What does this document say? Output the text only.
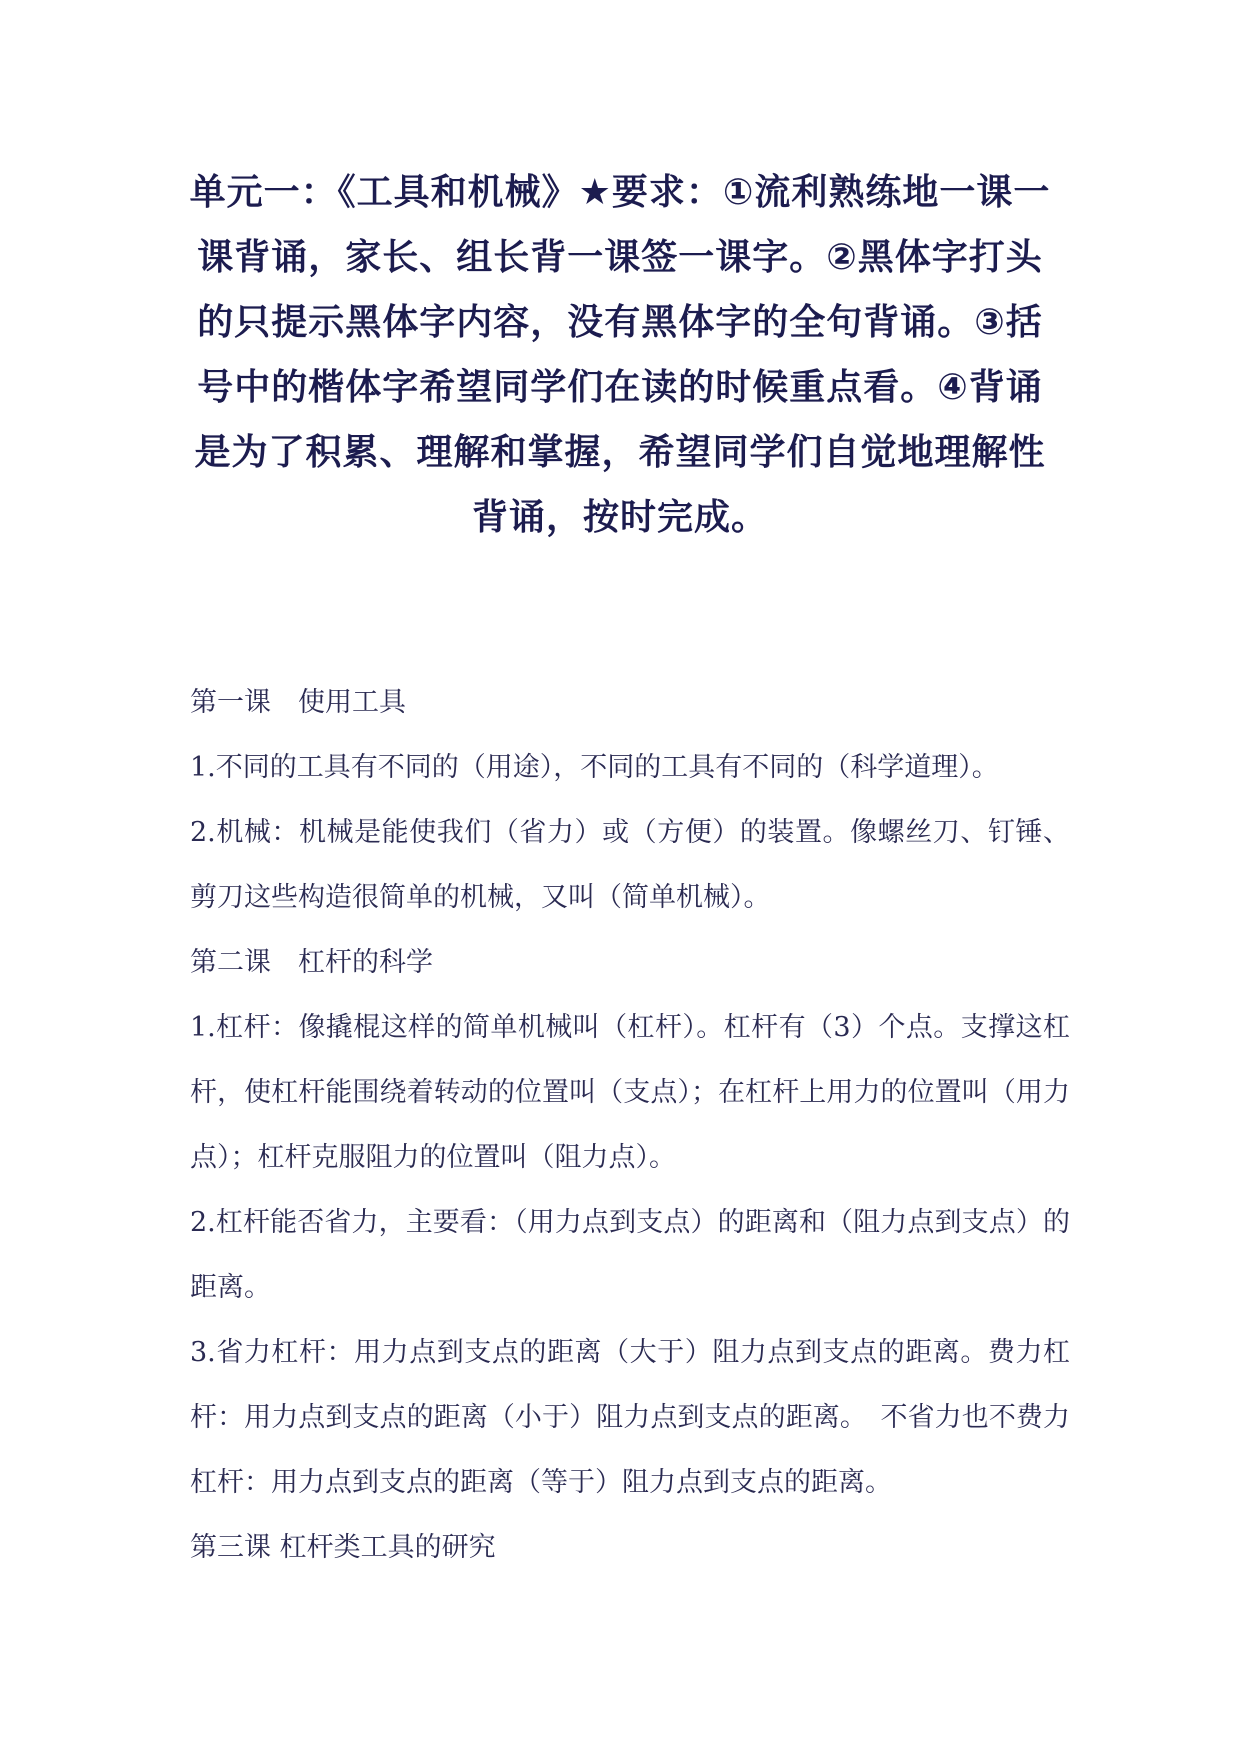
单元一：《工具和机械》★要求：①流利熟练地一课一课背诵，家长、组长背一课签一课字。②黑体字打头的只提示黑体字内容，没有黑体字的全句背诵。③括号中的楷体字希望同学们在读的时候重点看。④背诵是为了积累、理解和掌握，希望同学们自觉地理解性背诵，按时完成。

第一课　使用工具

1.不同的工具有不同的（用途），不同的工具有不同的（科学道理）。

2.机械：机械是能使我们（省力）或（方便）的装置。像螺丝刀、钉锤、剪刀这些构造很简单的机械，又叫（简单机械）。

第二课　杠杆的科学

1.杠杆：像撬棍这样的简单机械叫（杠杆）。杠杆有（3）个点。支撑这杠杆，使杠杆能围绕着转动的位置叫（支点）；在杠杆上用力的位置叫（用力点）；杠杆克服阻力的位置叫（阻力点）。

2.杠杆能否省力，主要看：（用力点到支点）的距离和（阻力点到支点）的距离。

3.省力杠杆：用力点到支点的距离（大于）阻力点到支点的距离。费力杠杆：用力点到支点的距离（小于）阻力点到支点的距离。　不省力也不费力杠杆：用力点到支点的距离（等于）阻力点到支点的距离。

第三课 杠杆类工具的研究
